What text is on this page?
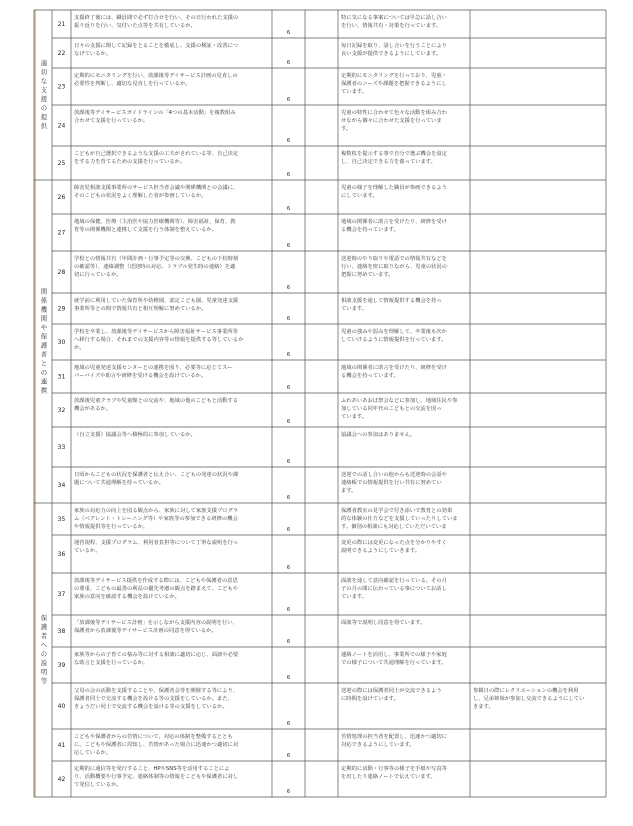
適切な支援の提供
関係機関や保護者との連携
保護者への説明等
21
支援終了後には、職員間で必ず打合せを行い、その日行われた支援の振り返りを行い、気付いた点等を共有しているか。
6
特に気になる事案については早急に話し合いを行い、情報共有・対策を行っています。
22
日々の支援に関して記録をとることを徹底し、支援の検証・改善につなげているか。
6
毎日記録を取り、話し合いを行うことにより良い支援が提供できるようにしています。
23
定期的にモニタリングを行い、放課後等デイサービス計画の見直しの必要性を判断し、適切な見直しを行っているか。
6
定期的にモニタリングを行っており、児童・保護者のニーズや課題を把握できるようにしています。
24
放課後等デイサービスガイドラインの「4つの基本活動」を複数組み合わせて支援を行っているか。
6
児童の特性に合わせて色々な活動を組み合わせながら個々に合わせた支援を行っています。
25
こどもが自己選択できるような支援の工夫がされている等、自己決定をする力を育てるための支援を行っているか。
6
複数枚を提示する事で自分で選ぶ機会を設定し、自己決定できる力を養っています。
26
障害児相談支援事業所のサービス担当者会議や関係機関との会議に、そのこどもの状況をよく理解した者が参画しているか。
6
児童の様子を理解した職員が参画できるようにしています。
27
地域の保健、医療（主治医や協力医療機関等）、障害福祉、保育、教育等の関係機関と連携して支援を行う体制を整えているか。
6
地域の関係者に助言を受けたり、研修を受ける機会を持っています。
28
学校との情報共有（年間計画・行事予定等の交換、こどもの下校時刻の確認等）、連絡調整（送迎時の対応、トラブル発生時の連絡）を適切に行っているか。
6
送迎時のやり取りや電話での情報共有などを行い、連絡を密に取りながら、児童の状況の把握に努めています。
29
就学前に利用していた保育所や幼稚園、認定こども園、児童発達支援事業所等との間で情報共有と相互理解に努めているか。
6
相談支援を通して情報提供する機会を持っています。
30
学校を卒業し、放課後等デイサービスから障害福祉サービス事業所等へ移行する場合、それまでの支援内容等の情報を提供する等しているかか。
6
児童の強みや弱みを理解して、卒業後も次かしていけるように情報提供を行っています。
31
地域の児童発達支援センターとの連携を図り、必要等に応じてスーパーバイズや助言や研修を受ける機会を設けているか。
6
地域の関係者に助言を受けたり、研修を受ける機会を持っています。
32
放課後児童クラブや児童館との交流や、地域の他のこどもと活動する機会があるか。
6
ふれあいあおば祭会などに参加し、地域住民や参加している同年代のこどもとの交流を図っています。
33
（自立支援）協議会等へ積極的に参加しているか。
6
協議会への参加はありません。
34
日頃からこどもの状況を保護者と伝え合い、こどもの発達の状況や課題について共通理解を持っているか。
6
送迎での話し合いの他からも送迎時の会話や連絡帳での情報提供を行い共有に努めています。
35
家族の対応力の向上を図る観点から、家族に対して家族支援プログラム（ペアレント・トレーニング等）や家族等の参加できる研修の機会や情報提供等を行っているか。	6
保護者教室の見学会で付き添いで教育との効果的な体験の仕方などを支援していったりしています。個別の相談にも対応していただいていま
36
運営規程、支援プログラム、利用者負担等について丁寧な説明を行っているか。
6
変更の際には変更になった点を分かりやすく説明できるようにしていきます。
37
放課後等デイサービス提供を作成する際には、こどもや保護者の意思の尊重、こどもの最善の利益の優先考慮の観点を踏まえて、こどもや家族の意向を確認する機会を設けているか。
6
面談を通して意向確認を行っている。その月子の月の間に伝わっている事についてお話しています。
38
「放課後等デイサービス計画」を示しながら支援内容の説明を行い、保護者から放課後等デイサービス計画の同意を得ているか。
6
面談等で説明し同意を得ています。
39
家族等からの子育ての悩み等に対する相談に適切に応じ、面談や必要な助言と支援を行っているか。
6
連絡ノートを活用し、事業所での様子や家庭での様子について共通理解を行っています。
40
父母の会の活動を支援することや、保護者会等を開催する等により、保護者同士で交流する機会を設ける等の支援をしているか。また、きょうだい同士で交流する機会を設ける等の支援をしているか。
6
送迎の際には保護者同士が交流できるように時間を設けています。
参観日の際にレクリエーションの機会を利用し、兄弟姉妹が参加し交流できるようにしていきます。
41
こどもや保護者からの苦情について、対応の体制を整備するとともに、こどもや保護者に周知し、苦情があった場合に迅速かつ適切に対応しているか。	6
苦情処理の担当者を配置し、迅速かつ適切に対応できるようにしています。
42
定期的に通信等を発行すること、HPやSNS等を活用することにより、活動概要や行事予定、連絡体制等の情報をこどもや保護者に対して発信しているか。
6
定期的に活動・行事等の様子を手紙や写真等を出したり連絡ノートで伝えています。
